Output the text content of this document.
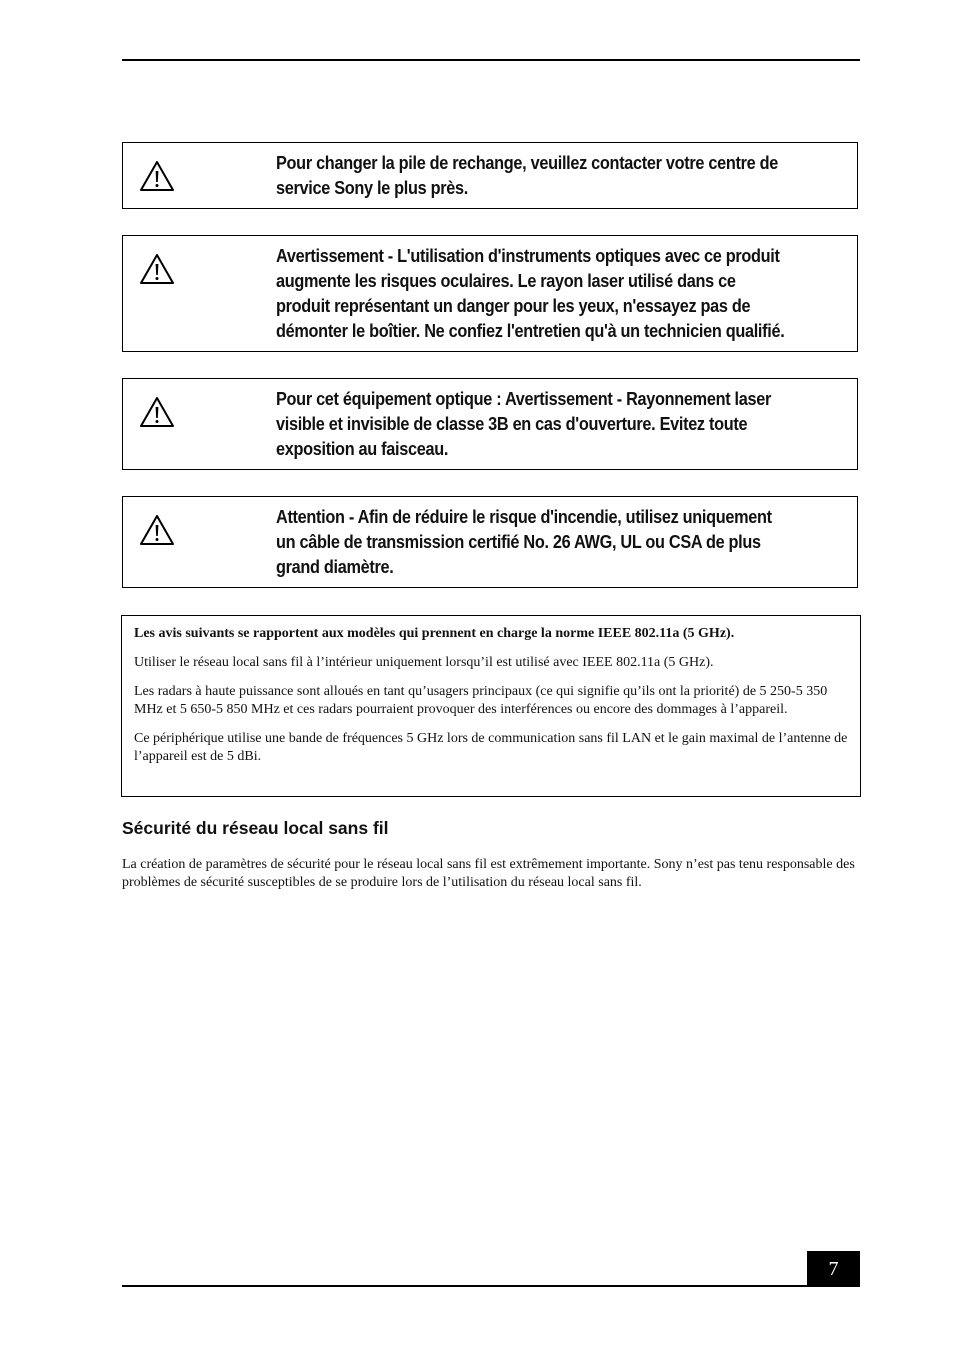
Pour changer la pile de rechange, veuillez contacter votre centre de
service Sony le plus près.
Avertissement - L'utilisation d'instruments optiques avec ce produit
augmente les risques oculaires. Le rayon laser utilisé dans ce
produit représentant un danger pour les yeux, n'essayez pas de
démonter le boîtier. Ne confiez l'entretien qu'à un technicien qualifié.
Pour cet équipement optique : Avertissement - Rayonnement laser
visible et invisible de classe 3B en cas d'ouverture. Evitez toute
exposition au faisceau.
Attention - Afin de réduire le risque d'incendie, utilisez uniquement
un câble de transmission certifié No. 26 AWG, UL ou CSA de plus
grand diamètre.

Les avis suivants se rapportent aux modèles qui prennent en charge la norme IEEE 802.11a (5 GHz).

Utiliser le réseau local sans fil à l’intérieur uniquement lorsqu’il est utilisé avec IEEE 802.11a (5 GHz).

Les radars à haute puissance sont alloués en tant qu’usagers principaux (ce qui signifie qu’ils ont la priorité) de 5 250-5 350 MHz et 5 650-5 850 MHz et ces radars pourraient provoquer des interférences ou encore des dommages à l’appareil.

Ce périphérique utilise une bande de fréquences 5 GHz lors de communication sans fil LAN et le gain maximal de l’antenne de l’appareil est de 5 dBi.

Sécurité du réseau local sans fil
La création de paramètres de sécurité pour le réseau local sans fil est extrêmement importante. Sony n’est pas tenu responsable des problèmes de sécurité susceptibles de se produire lors de l’utilisation du réseau local sans fil.
7
